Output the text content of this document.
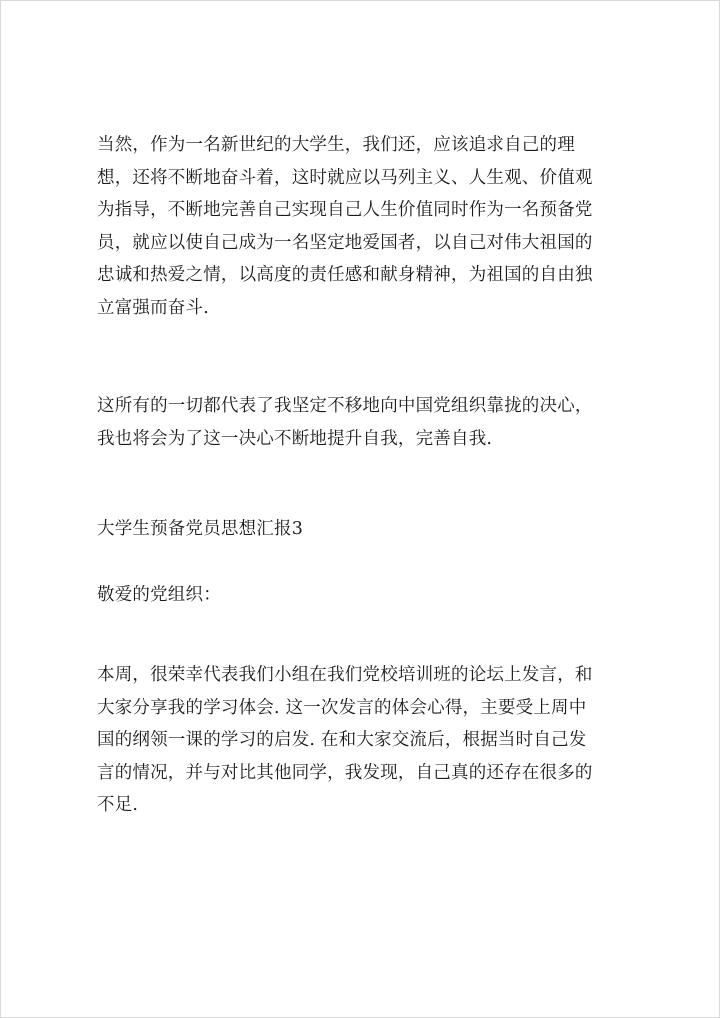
当然，作为一名新世纪的大学生，我们还，应该追求自己的理
想，还将不断地奋斗着，这时就应以马列主义、人生观、价值观
为指导，不断地完善自己实现自己人生价值同时作为一名预备党
员，就应以使自己成为一名坚定地爱国者，以自己对伟大祖国的
忠诚和热爱之情，以高度的责任感和献身精神，为祖国的自由独
立富强而奋斗.
这所有的一切都代表了我坚定不移地向中国党组织靠拢的决心，
我也将会为了这一决心不断地提升自我，完善自我.
大学生预备党员思想汇报3
敬爱的党组织：
本周，很荣幸代表我们小组在我们党校培训班的论坛上发言，和
大家分享我的学习体会. 这一次发言的体会心得，主要受上周中
国的纲领一课的学习的启发. 在和大家交流后，根据当时自己发
言的情况，并与对比其他同学，我发现，自己真的还存在很多的
不足.
